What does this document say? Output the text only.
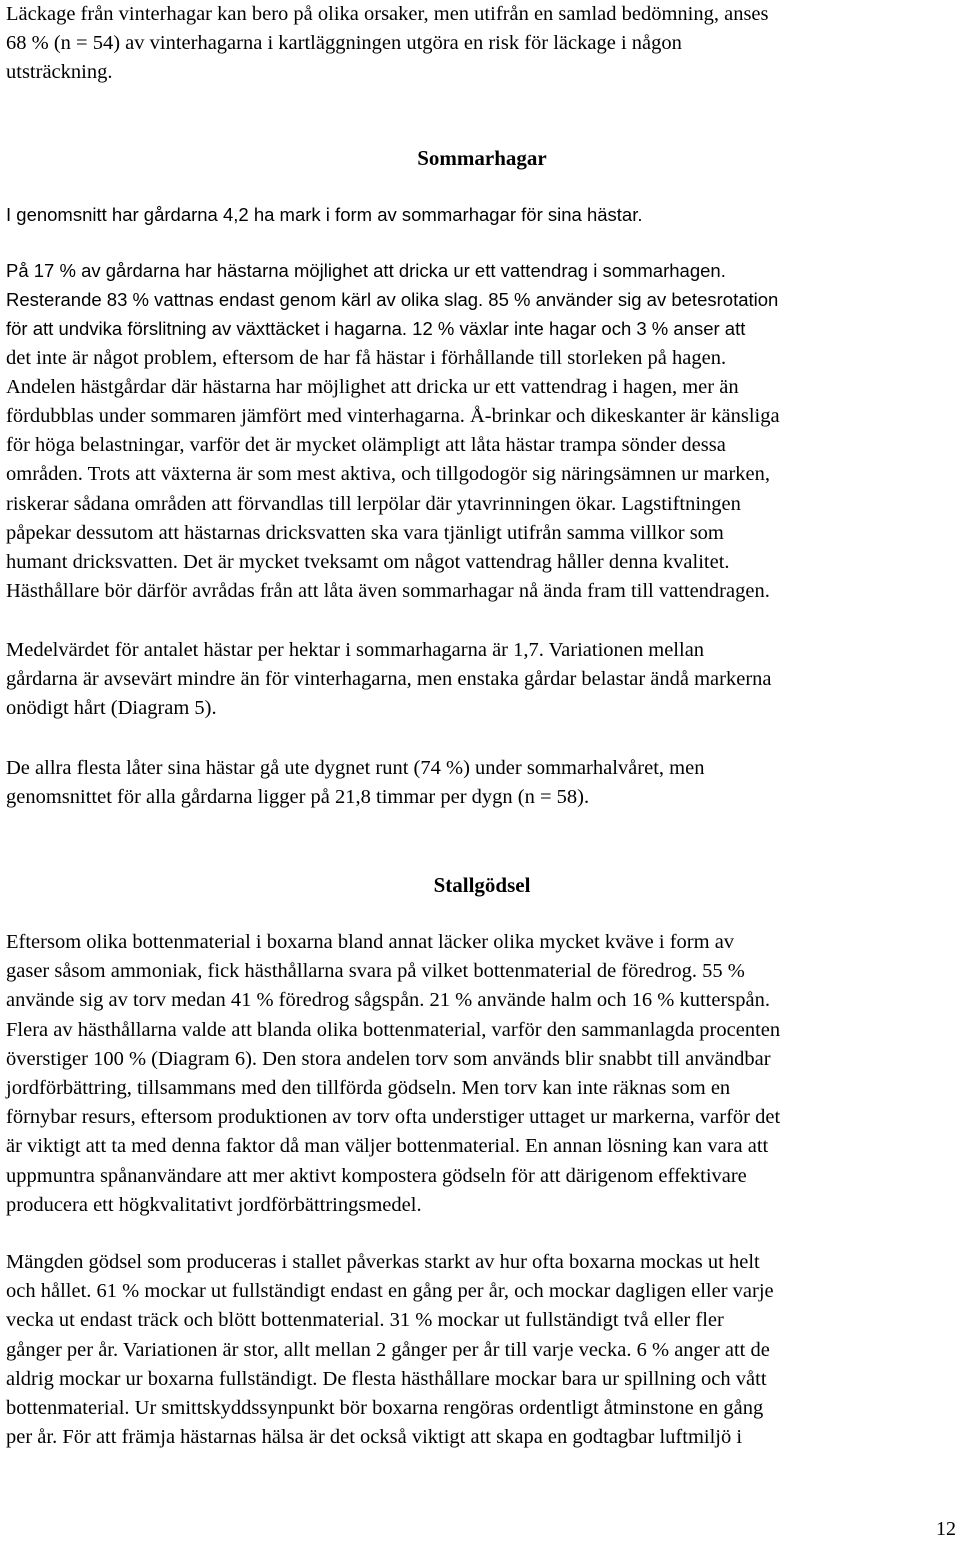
Läckage från vinterhagar kan bero på olika orsaker, men utifrån en samlad bedömning, anses
68 % (n = 54) av vinterhagarna i kartläggningen utgöra en risk för läckage i någon
utsträckning.

Sommarhagar

I genomsnitt har gårdarna 4,2 ha mark i form av sommarhagar för sina hästar.

På 17 % av gårdarna har hästarna möjlighet att dricka ur ett vattendrag i sommarhagen.
Resterande 83 % vattnas endast genom kärl av olika slag. 85 % använder sig av betesrotation
för att undvika förslitning av växttäcket i hagarna. 12 % växlar inte hagar och 3 % anser att
det inte är något problem, eftersom de har få hästar i förhållande till storleken på hagen.
Andelen hästgårdar där hästarna har möjlighet att dricka ur ett vattendrag i hagen, mer än
fördubblas under sommaren jämfört med vinterhagarna. Å-brinkar och dikeskanter är känsliga
för höga belastningar, varför det är mycket olämpligt att låta hästar trampa sönder dessa
områden. Trots att växterna är som mest aktiva, och tillgodogör sig näringsämnen ur marken,
riskerar sådana områden att förvandlas till lerpölar där ytavrinningen ökar. Lagstiftningen
påpekar dessutom att hästarnas dricksvatten ska vara tjänligt utifrån samma villkor som
humant dricksvatten. Det är mycket tveksamt om något vattendrag håller denna kvalitet.
Hästhållare bör därför avrådas från att låta även sommarhagar nå ända fram till vattendragen.

Medelvärdet för antalet hästar per hektar i sommarhagarna är 1,7. Variationen mellan
gårdarna är avsevärt mindre än för vinterhagarna, men enstaka gårdar belastar ändå markerna
onödigt hårt (Diagram 5).

De allra flesta låter sina hästar gå ute dygnet runt (74 %) under sommarhalvåret, men
genomsnittet för alla gårdarna ligger på 21,8 timmar per dygn (n = 58).

Stallgödsel

Eftersom olika bottenmaterial i boxarna bland annat läcker olika mycket kväve i form av
gaser såsom ammoniak, fick hästhållarna svara på vilket bottenmaterial de föredrog. 55 %
använde sig av torv medan 41 % föredrog sågspån. 21 % använde halm och 16 % kutterspån.
Flera av hästhållarna valde att blanda olika bottenmaterial, varför den sammanlagda procenten
överstiger 100 % (Diagram 6). Den stora andelen torv som används blir snabbt till användbar
jordförbättring, tillsammans med den tillförda gödseln. Men torv kan inte räknas som en
förnybar resurs, eftersom produktionen av torv ofta understiger uttaget ur markerna, varför det
är viktigt att ta med denna faktor då man väljer bottenmaterial. En annan lösning kan vara att
uppmuntra spånanvändare att mer aktivt kompostera gödseln för att därigenom effektivare
producera ett högkvalitativt jordförbättringsmedel.

Mängden gödsel som produceras i stallet påverkas starkt av hur ofta boxarna mockas ut helt
och hållet. 61 % mockar ut fullständigt endast en gång per år, och mockar dagligen eller varje
vecka ut endast träck och blött bottenmaterial. 31 % mockar ut fullständigt två eller fler
gånger per år. Variationen är stor, allt mellan 2 gånger per år till varje vecka. 6 % anger att de
aldrig mockar ur boxarna fullständigt. De flesta hästhållare mockar bara ur spillning och vått
bottenmaterial. Ur smittskyddssynpunkt bör boxarna rengöras ordentligt åtminstone en gång
per år. För att främja hästarnas hälsa är det också viktigt att skapa en godtagbar luftmiljö i

12
